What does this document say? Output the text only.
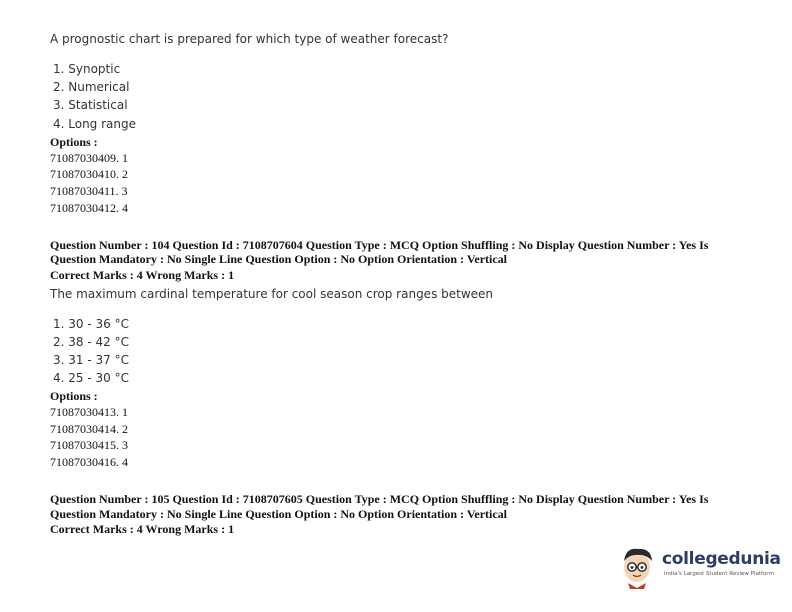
A prognostic chart is prepared for which type of weather forecast?
1. Synoptic
2. Numerical
3. Statistical
4. Long range
Options :
71087030409. 1
71087030410. 2
71087030411. 3
71087030412. 4
Question Number : 104 Question Id : 7108707604 Question Type : MCQ Option Shuffling : No Display Question Number : Yes Is
Question Mandatory : No Single Line Question Option : No Option Orientation : Vertical
Correct Marks : 4 Wrong Marks : 1
The maximum cardinal temperature for cool season crop ranges between
1. 30 - 36 °C
2. 38 - 42 °C
3. 31 - 37 °C
4. 25 - 30 °C
Options :
71087030413. 1
71087030414. 2
71087030415. 3
71087030416. 4
Question Number : 105 Question Id : 7108707605 Question Type : MCQ Option Shuffling : No Display Question Number : Yes Is
Question Mandatory : No Single Line Question Option : No Option Orientation : Vertical
Correct Marks : 4 Wrong Marks : 1
collegedunia
India's Largest Student Review Platform
